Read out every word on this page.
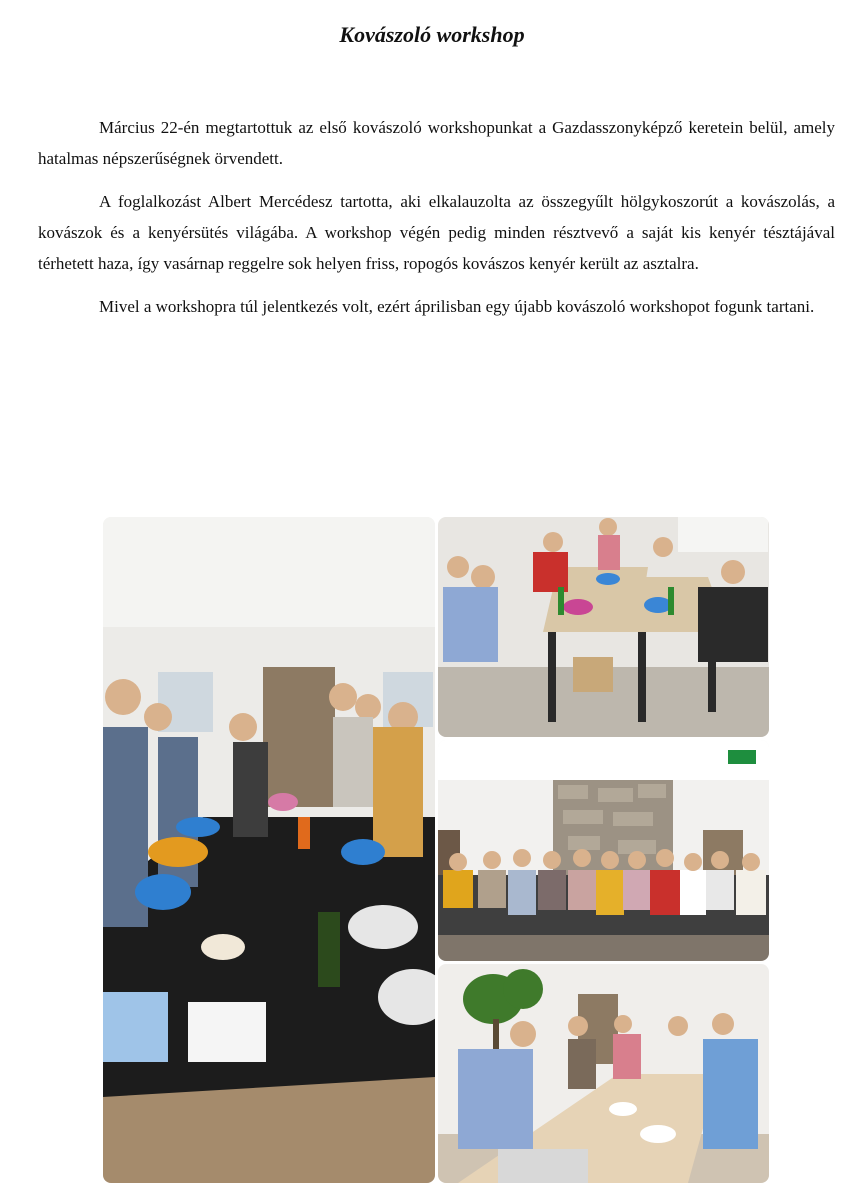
Kovászoló workshop

Március 22-én megtartottuk az első kovászoló workshopunkat a Gazdasszonyképző keretein belül, amely hatalmas népszerűségnek örvendett.

A foglalkozást Albert Mercédesz tartotta, aki elkalauzolta az összegyűlt hölgykoszorút a kovászolás, a kovászok és a kenyérsütés világába. A workshop végén pedig minden résztvevő a saját kis kenyér tésztájával térhetett haza, így vasárnap reggelre sok helyen friss, ropogós kovászos kenyér került az asztalra.

Mivel a workshopra túl jelentkezés volt, ezért áprilisban egy újabb kovászoló workshopot fogunk tartani.
